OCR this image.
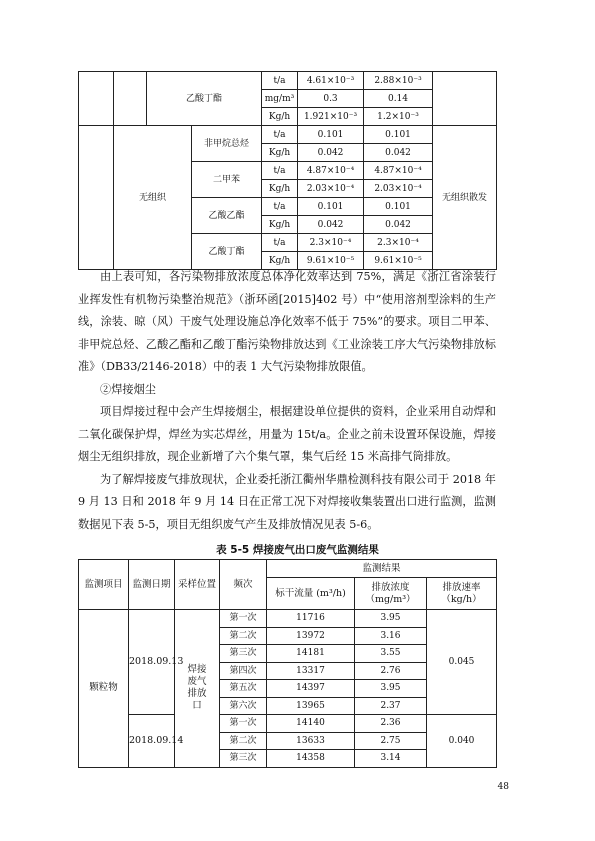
		乙酸丁酯		t/a	4.61×10⁻³	2.88×10⁻³	
				mg/m³	0.3	0.14	
				Kg/h	1.921×10⁻³	1.2×10⁻³	
	无组织		非甲烷总烃	t/a	0.101	0.101	无组织散发
				Kg/h	0.042	0.042	
			二甲苯	t/a	4.87×10⁻⁴	4.87×10⁻⁴	
				Kg/h	2.03×10⁻⁴	2.03×10⁻⁴	
			乙酸乙酯	t/a	0.101	0.101	
				Kg/h	0.042	0.042	
			乙酸丁酯	t/a	2.3×10⁻⁴	2.3×10⁻⁴	
				Kg/h	9.61×10⁻⁵	9.61×10⁻⁵	

由上表可知，各污染物排放浓度总体净化效率达到 75%，满足《浙江省涂装行业挥发性有机物污染整治规范》（浙环函[2015]402 号）中“使用溶剂型涂料的生产线，涂装、晾（风）干废气处理设施总净化效率不低于 75%”的要求。项目二甲苯、非甲烷总烃、乙酸乙酯和乙酸丁酯污染物排放达到《工业涂装工序大气污染物排放标准》（DB33/2146-2018）中的表 1 大气污染物排放限值。

②焊接烟尘

项目焊接过程中会产生焊接烟尘，根据建设单位提供的资料，企业采用自动焊和二氧化碳保护焊，焊丝为实芯焊丝，用量为 15t/a。企业之前未设置环保设施，焊接烟尘无组织排放，现企业新增了六个集气罩，集气后经 15 米高排气筒排放。

为了解焊接废气排放现状，企业委托浙江衢州华鼎检测科技有限公司于 2018 年 9 月 13 日和 2018 年 9 月 14 日在正常工况下对焊接收集装置出口进行监测，监测数据见下表 5-5，项目无组织废气产生及排放情况见表 5-6。

表 5-5 焊接废气出口废气监测结果
监测项目	监测日期	采样位置	频次	监测结果		
				标干流量 (m³/h)	排放浓度（mg/m³）	排放速率（kg/h）
颗粒物	2018.09.13	焊接废气排放口	第一次	11716	3.95	0.045
			第二次	13972	3.16	
			第三次	14181	3.55	
			第四次	13317	2.76	
			第五次	14397	3.95	
			第六次	13965	2.37	
	2018.09.14		第一次	14140	2.36	0.040
			第二次	13633	2.75	
			第三次	14358	3.14	
48
